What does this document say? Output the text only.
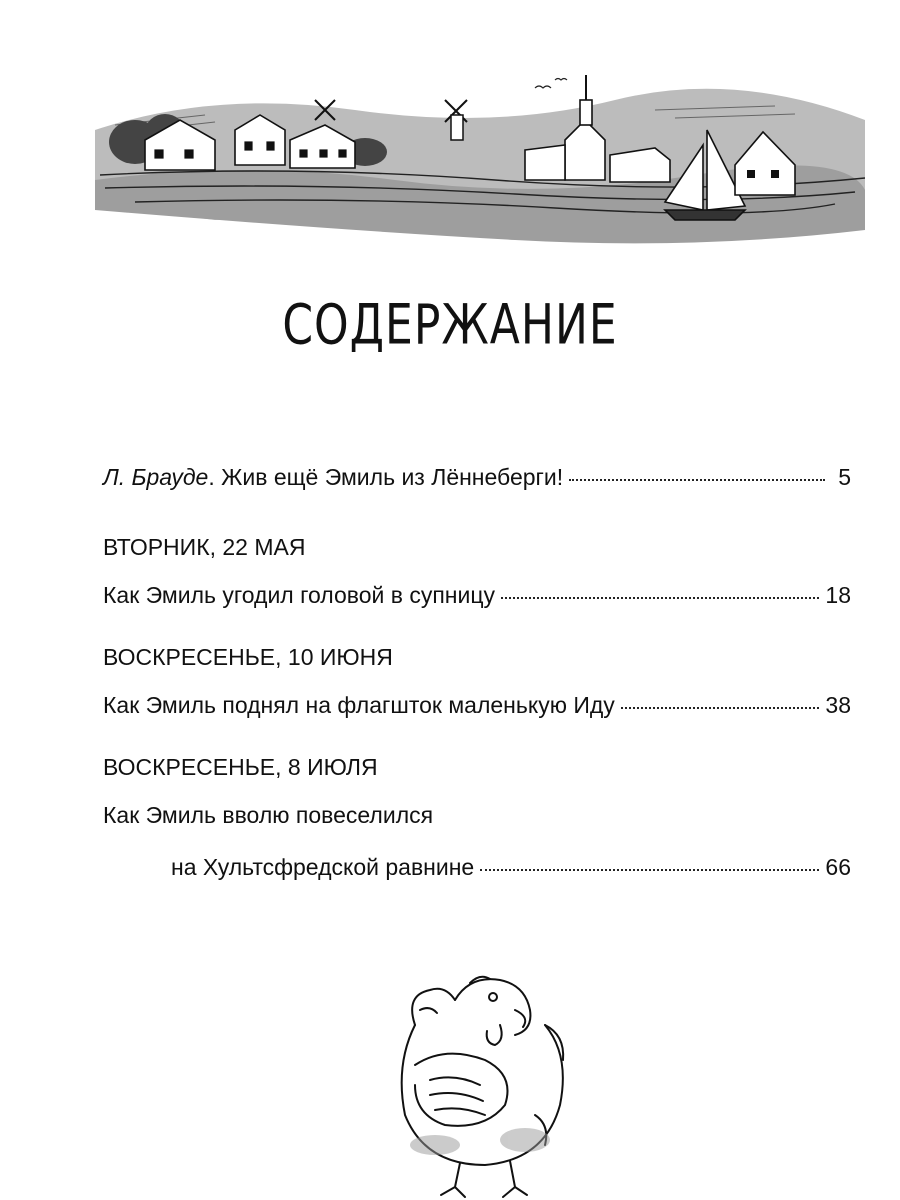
СОДЕРЖАНИЕ
Л. Брауде. Жив ещё Эмиль из Лённеберги!	5
ВТОРНИК, 22 МАЯ
Как Эмиль угодил головой в супницу	18
ВОСКРЕСЕНЬЕ, 10 ИЮНЯ
Как Эмиль поднял на флагшток маленькую Иду	38
ВОСКРЕСЕНЬЕ, 8 ИЮЛЯ
Как Эмиль вволю повеселился
на Хультсфредской равнине	66
